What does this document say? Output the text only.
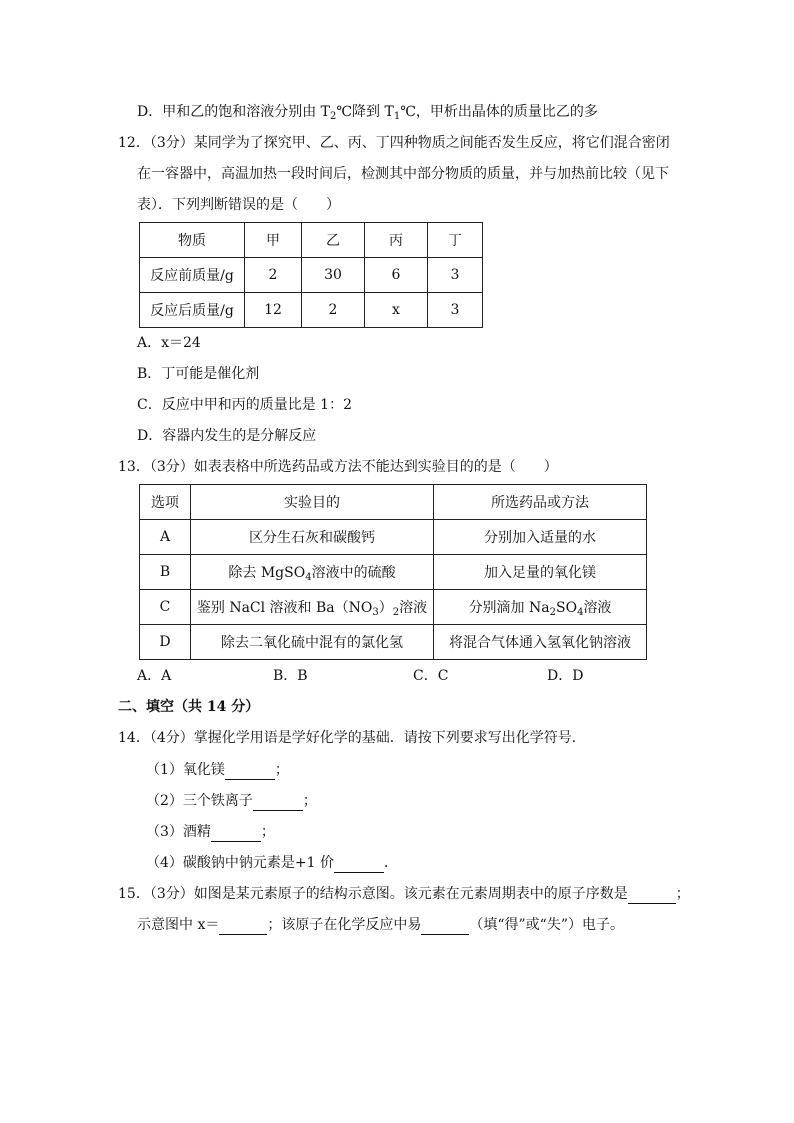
D．甲和乙的饱和溶液分别由 $T_2℃$降到 $T_1℃$，甲析出晶体的质量比乙的多
12．（3分）某同学为了探究甲、乙、丙、丁四种物质之间能否发生反应，将它们混合密闭
在一容器中，高温加热一段时间后，检测其中部分物质的质量，并与加热前比较（见下
表）．下列判断错误的是（　　）
物质	甲	乙	丙	丁
反应前质量/g	2	30	6	3
反应后质量/g	12	2	x	3
A．x＝24
B．丁可能是催化剂
C．反应中甲和丙的质量比是 1：2
D．容器内发生的是分解反应
13．（3分）如表表格中所选药品或方法不能达到实验目的的是（　　）
选项	实验目的	所选药品或方法
A	区分生石灰和碳酸钙	分别加入适量的水
B	除去 MgSO$_4$溶液中的硫酸	加入足量的氧化镁
C	鉴别 NaCl 溶液和 $Ba(NO_3)_2$溶液	分别滴加 $Na_2SO_4$溶液
D	除去二氧化硫中混有的氯化氢	将混合气体通入氢氧化钠溶液
A．A	B．B	C．C	D．D
二、填空（共 14 分）
14．（4分）掌握化学用语是学好化学的基础．请按下列要求写出化学符号．
（1）氧化镁	；
（2）三个铁离子	；
（3）酒精	；
（4）碳酸钠中钠元素是+1 价	．
15．（3分）如图是某元素原子的结构示意图。该元素在元素周期表中的原子序数是	；
示意图中 x＝	；该原子在化学反应中易	（填“得”或“失”）电子。
